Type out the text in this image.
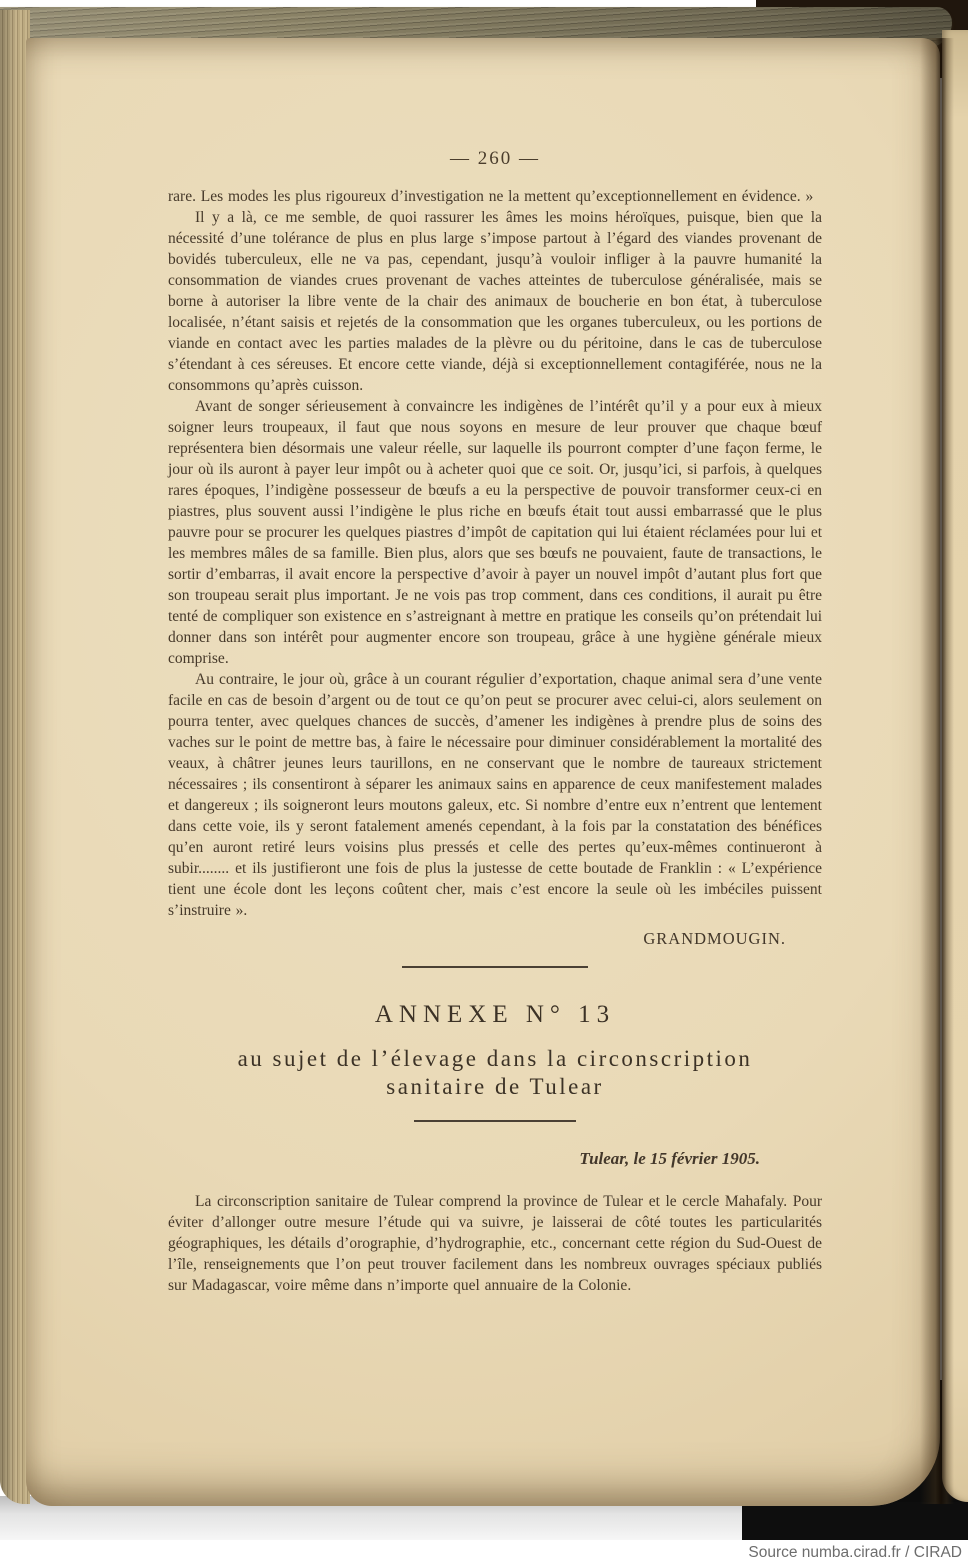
— 260 —

rare. Les modes les plus rigoureux d’investigation ne la mettent qu’exceptionnellement en évidence. »

Il y a là, ce me semble, de quoi rassurer les âmes les moins héroïques, puisque, bien que la nécessité d’une tolérance de plus en plus large s’impose partout à l’égard des viandes provenant de bovidés tuberculeux, elle ne va pas, cependant, jusqu’à vouloir infliger à la pauvre humanité la consommation de viandes crues provenant de vaches atteintes de tuberculose généralisée, mais se borne à autoriser la libre vente de la chair des animaux de boucherie en bon état, à tuberculose localisée, n’étant saisis et rejetés de la consommation que les organes tuberculeux, ou les portions de viande en contact avec les parties malades de la plèvre ou du péritoine, dans le cas de tuberculose s’étendant à ces séreuses. Et encore cette viande, déjà si exceptionnellement contagiférée, nous ne la consommons qu’après cuisson.

Avant de songer sérieusement à convaincre les indigènes de l’intérêt qu’il y a pour eux à mieux soigner leurs troupeaux, il faut que nous soyons en mesure de leur prouver que chaque bœuf représentera bien désormais une valeur réelle, sur laquelle ils pourront compter d’une façon ferme, le jour où ils auront à payer leur impôt ou à acheter quoi que ce soit. Or, jusqu’ici, si parfois, à quelques rares époques, l’indigène possesseur de bœufs a eu la perspective de pouvoir transformer ceux-ci en piastres, plus souvent aussi l’indigène le plus riche en bœufs était tout aussi embarrassé que le plus pauvre pour se procurer les quelques piastres d’impôt de capitation qui lui étaient réclamées pour lui et les membres mâles de sa famille. Bien plus, alors que ses bœufs ne pouvaient, faute de transactions, le sortir d’embarras, il avait encore la perspective d’avoir à payer un nouvel impôt d’autant plus fort que son troupeau serait plus important. Je ne vois pas trop comment, dans ces conditions, il aurait pu être tenté de compliquer son existence en s’astreignant à mettre en pratique les conseils qu’on prétendait lui donner dans son intérêt pour augmenter encore son troupeau, grâce à une hygiène générale mieux comprise.

Au contraire, le jour où, grâce à un courant régulier d’exportation, chaque animal sera d’une vente facile en cas de besoin d’argent ou de tout ce qu’on peut se procurer avec celui-ci, alors seulement on pourra tenter, avec quelques chances de succès, d’amener les indigènes à prendre plus de soins des vaches sur le point de mettre bas, à faire le nécessaire pour diminuer considérablement la mortalité des veaux, à châtrer jeunes leurs taurillons, en ne conservant que le nombre de taureaux strictement nécessaires ; ils consentiront à séparer les animaux sains en apparence de ceux manifestement malades et dangereux ; ils soigneront leurs moutons galeux, etc. Si nombre d’entre eux n’entrent que lentement dans cette voie, ils y seront fatalement amenés cependant, à la fois par la constatation des bénéfices qu’en auront retiré leurs voisins plus pressés et celle des pertes qu’eux-mêmes continueront à subir........ et ils justifieront une fois de plus la justesse de cette boutade de Franklin : « L’expérience tient une école dont les leçons coûtent cher, mais c’est encore la seule où les imbéciles puissent s’instruire ».

GRANDMOUGIN.
ANNEXE N° 13
au sujet de l’élevage dans la circonscription
sanitaire de Tulear
Tulear, le 15 février 1905.

La circonscription sanitaire de Tulear comprend la province de Tulear et le cercle Mahafaly. Pour éviter d’allonger outre mesure l’étude qui va suivre, je laisserai de côté toutes les particularités géographiques, les détails d’orographie, d’hydrographie, etc., concernant cette région du Sud-Ouest de l’île, renseignements que l’on peut trouver facilement dans les nombreux ouvrages spéciaux publiés sur Madagascar, voire même dans n’importe quel annuaire de la Colonie.

Source numba.cirad.fr / CIRAD
